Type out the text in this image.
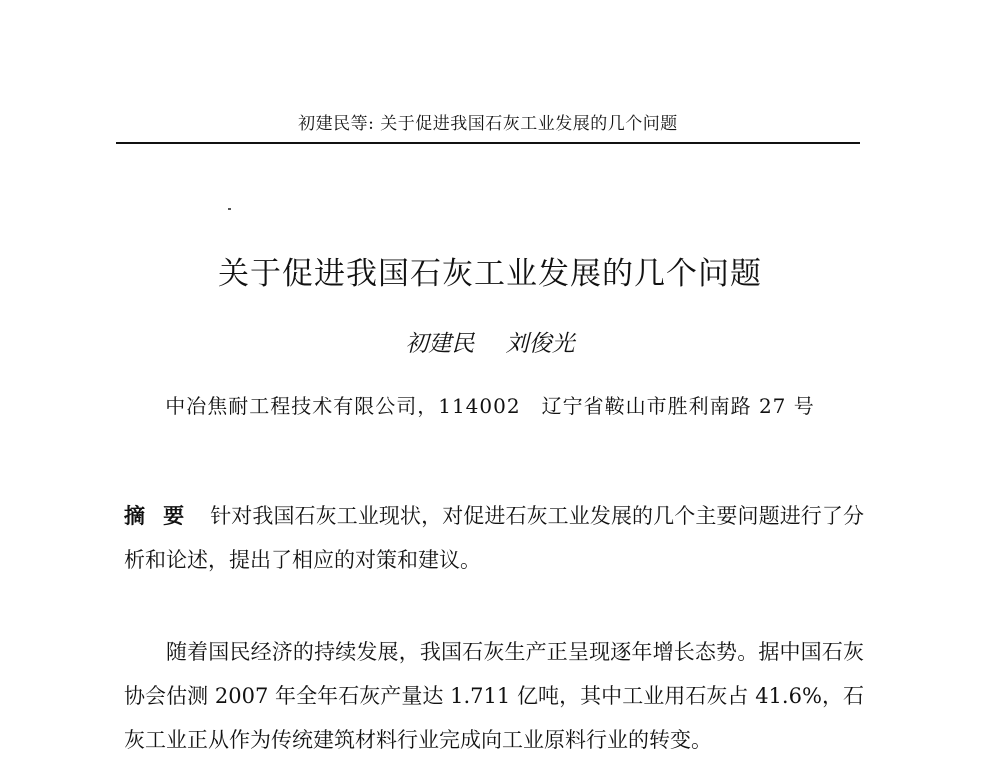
初建民等: 关于促进我国石灰工业发展的几个问题
关于促进我国石灰工业发展的几个问题
初建民 刘俊光
中冶焦耐工程技术有限公司，114002　辽宁省鞍山市胜利南路 27 号
摘要 针对我国石灰工业现状，对促进石灰工业发展的几个主要问题进行了分析和论述，提出了相应的对策和建议。

随着国民经济的持续发展，我国石灰生产正呈现逐年增长态势。据中国石灰协会估测 2007 年全年石灰产量达 1.711 亿吨，其中工业用石灰占 41.6%，石灰工业正从作为传统建筑材料行业完成向工业原料行业的转变。
